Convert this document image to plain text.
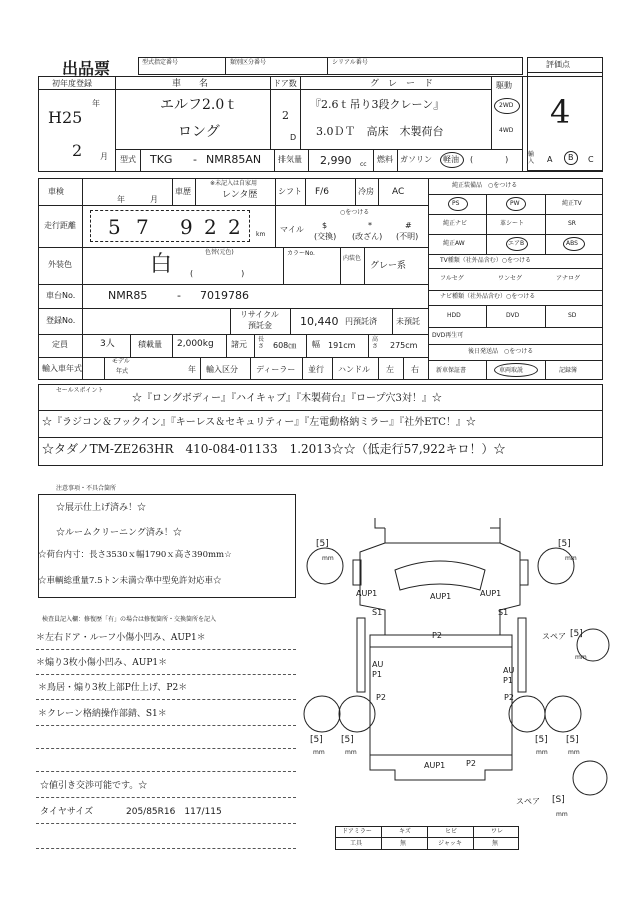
出品票	型式指定番号	類別区分番号	シリアル番号	評価点
4
初年度登録
H25
年
2 月
車　　名
エルフ2.0ｔ
ロング
ドア数
2
D
グ　レ　ー　ド
『2.6ｔ吊り3段クレーン』
3.0ＤＴ　高床　木製荷台
駆動
2WD
4WD
型式 TKG - NMR85AN 排気量 2,990 cc
燃料 ガソリン 軽油 (　　　　)
輸入 A B C
車検
年	月
車歴
※未記入は自家用
レンタ歴	シフト F/6	冷房 AC
走行距離 5 7 9 2 2	km
マイル
○をつける
$
(交換)
*
(改ざん)
#
(不明)
外装色	白	色替(元色)
(　　　　　　)
カラーNo.
内装色
グレー系
車台No.	NMR85	- 7019786
登録No.
リサイクル
預託金	10,440 円預託済 未預託
定員	3人	積載量 2,000kg 諸元
長さ 608㎝ 幅 191cm
高さ 275cm
輸入車年式
モデル
年式	年 輸入区分 ディーラー 並行 ハンドル 左 右
純正装備品　○をつける
PS	PW	純正TV
純正ナビ	革シート	SR
純正AW	エアB	ABS
TV種類（社外品含む）○をつける
フルセグ	ワンセグ	アナログ
ナビ種類（社外品含む）○をつける
HDD	DVD	SD
DVD再生可
後日発送品　○をつける
新車保証書	車両取説	記録簿
セールスポイント
☆『ロングボディー』『ハイキャブ』『木製荷台』『ロープ穴3対！』☆
☆『ラジコン＆フックイン』『キーレス＆セキュリティー』『左電動格納ミラー』『社外ETC！』☆
☆タダノTM-ZE263HR　410-084-01133　1.2013☆☆（低走行57,922キロ！）☆
注意事項・不具合箇所
☆展示仕上げ済み！☆
☆ルームクリーニング済み！☆
☆荷台内寸：長さ3530ｘ幅1790ｘ高さ390mm☆
☆車輌総重量7.5トン未満☆準中型免許対応車☆
検査員記入欄：修復歴「有」の場合は修復箇所・交換箇所を記入
＊左右ドア・ルーフ小傷小凹み、AUP1＊
＊煽り3枚小傷小凹み、AUP1＊
＊鳥居・煽り3枚上部P仕上げ、P2＊
＊クレーン格納操作部錆、S1＊
☆値引き交渉可能です。☆
タイヤサイズ	205/85R16　117/115
[5]
mm
[5]
mm
[5]
mm
スペア
[5]
mm
[5]
mm
[5]
mm
[5]
mm
スペア [S]
mm
AUP1	AUP1	AUP1
S1	S1
P2
AU P1	AU P1
P2	P2
AUP1	P2
ドアミラー	キズ	ヒビ	ワレ
工具	無	ジャッキ	無
